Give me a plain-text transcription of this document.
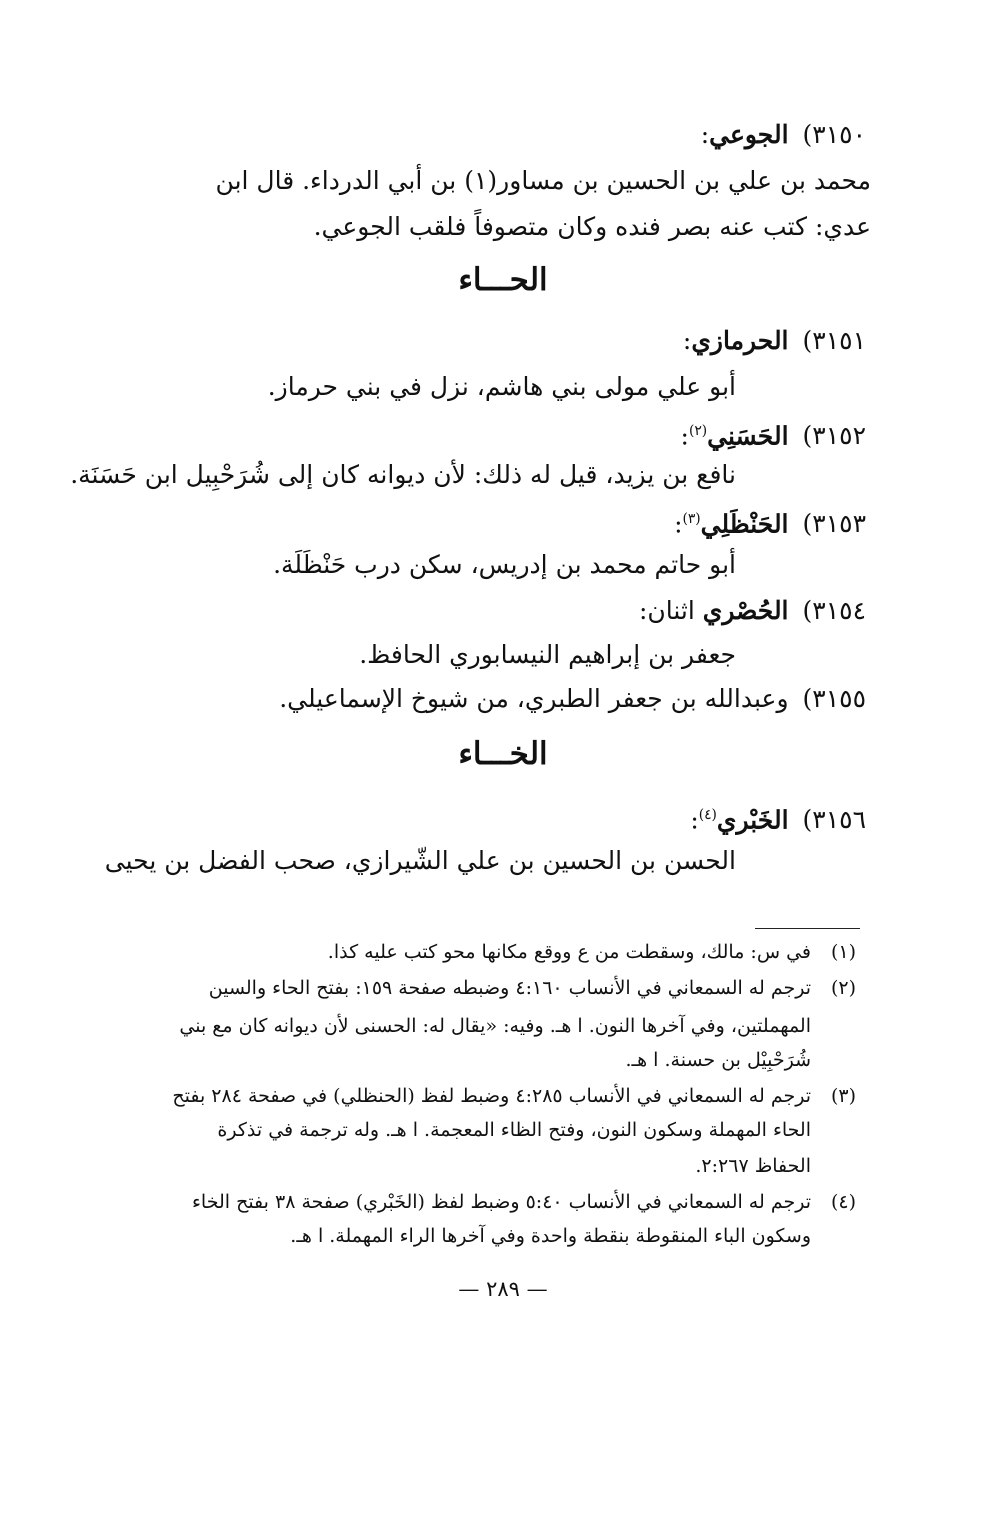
٣١٥٠)الجوعي:
محمد بن علي بن الحسين بن مساور(١) بن أبي الدرداء. قال ابن
عدي: كتب عنه بصر فنده وكان متصوفاً فلقب الجوعي.
الحـــاء
٣١٥١)الحرمازي:
أبو علي مولى بني هاشم، نزل في بني حرماز.
٣١٥٢)الحَسَنِي$^{(٢)}$:
نافع بن يزيد، قيل له ذلك: لأن ديوانه كان إلى شُرَحْبِيل ابن حَسَنَة.
٣١٥٣)الحَنْظَلِي$^{(٣)}$:
أبو حاتم محمد بن إدريس، سكن درب حَنْظَلَة.
٣١٥٤)الحُصْري اثنان:
جعفر بن إبراهيم النيسابوري الحافظ.
٣١٥٥)وعبدالله بن جعفر الطبري، من شيوخ الإسماعيلي.
الخـــاء
٣١٥٦)الخَبْري$^{(٤)}$:
الحسن بن الحسين بن علي الشّيرازي، صحب الفضل بن يحيى
(١)
في س: مالك، وسقطت من ع ووقع مكانها محو كتب عليه كذا.
(٢)
ترجم له السمعاني في الأنساب ٤:١٦٠ وضبطه صفحة ١٥٩: بفتح الحاء والسين
المهملتين، وفي آخرها النون. ا هـ. وفيه: «يقال له: الحسنى لأن ديوانه كان مع بني
شُرَحْبِيْل بن حسنة. ا هـ.
(٣)
ترجم له السمعاني في الأنساب ٤:٢٨٥ وضبط لفظ (الحنظلي) في صفحة ٢٨٤ بفتح
الحاء المهملة وسكون النون، وفتح الظاء المعجمة. ا هـ. وله ترجمة في تذكرة
الحفاظ ٢:٢٦٧.
(٤)
ترجم له السمعاني في الأنساب ٥:٤٠ وضبط لفظ (الخَبْري) صفحة ٣٨ بفتح الخاء
وسكون الباء المنقوطة بنقطة واحدة وفي آخرها الراء المهملة. ا هـ.
— ٢٨٩ —
